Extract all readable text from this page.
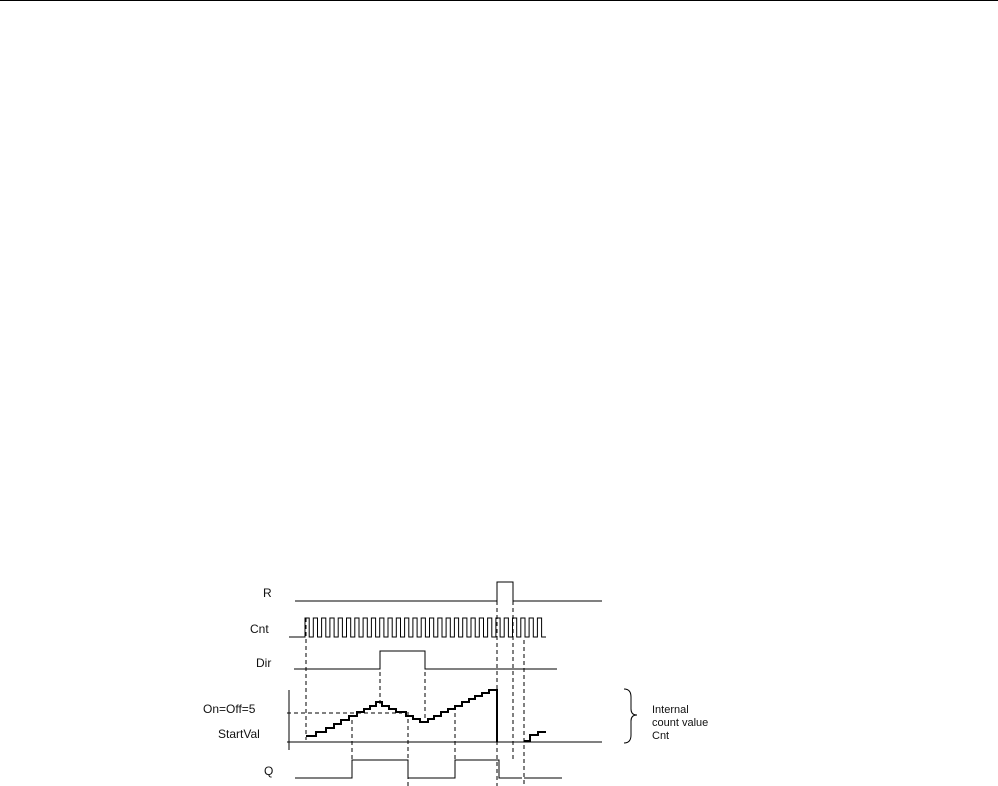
R
Cnt
Dir
On=Off=5
StartVal
Q
Internal
count value
Cnt
